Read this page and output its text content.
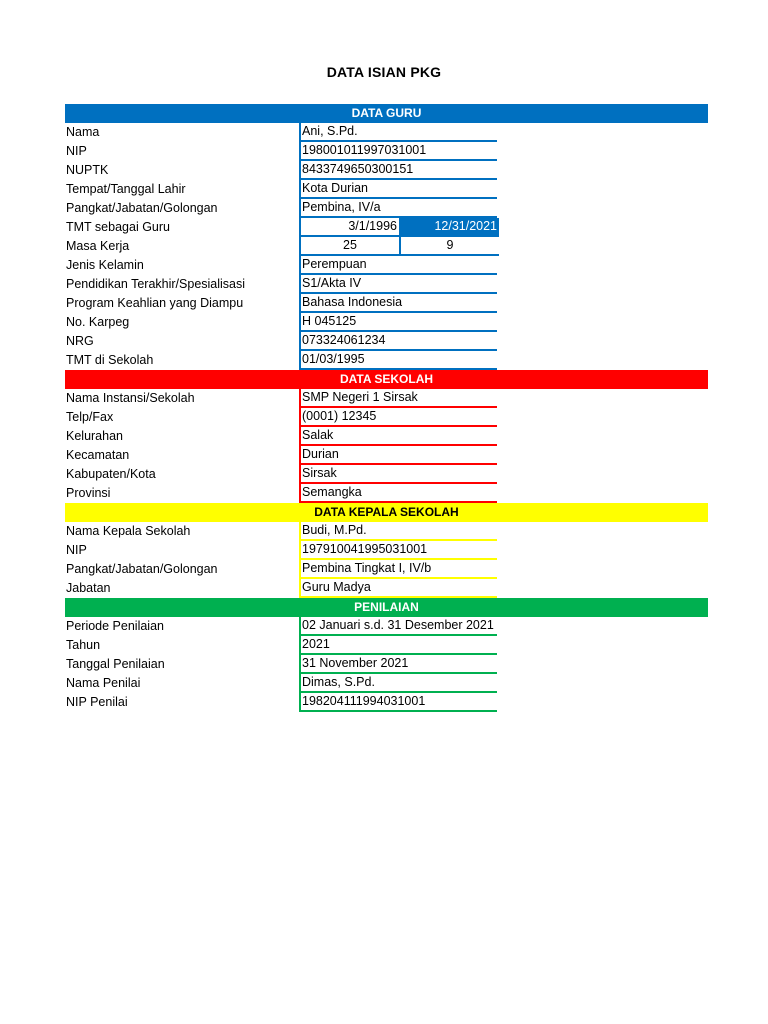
DATA ISIAN PKG
DATA GURU
Nama	Ani, S.Pd.
NIP	198001011997031001
NUPTK	8433749650300151
Tempat/Tanggal Lahir	Kota Durian
Pangkat/Jabatan/Golongan	Pembina, IV/a
TMT sebagai Guru	3/1/1996	12/31/2021
Masa Kerja	25	9
Jenis Kelamin	Perempuan
Pendidikan Terakhir/Spesialisasi	S1/Akta IV
Program Keahlian yang Diampu	Bahasa Indonesia
No. Karpeg	H 045125
NRG	073324061234
TMT di Sekolah	01/03/1995
DATA SEKOLAH
Nama Instansi/Sekolah	SMP Negeri 1 Sirsak
Telp/Fax	(0001) 12345
Kelurahan	Salak
Kecamatan	Durian
Kabupaten/Kota	Sirsak
Provinsi	Semangka
DATA KEPALA SEKOLAH
Nama Kepala Sekolah	Budi, M.Pd.
NIP	197910041995031001
Pangkat/Jabatan/Golongan	Pembina Tingkat I, IV/b
Jabatan	Guru Madya
PENILAIAN
Periode Penilaian	02 Januari s.d. 31 Desember 2021
Tahun	2021
Tanggal Penilaian	31 November 2021
Nama Penilai	Dimas, S.Pd.
NIP Penilai	198204111994031001
